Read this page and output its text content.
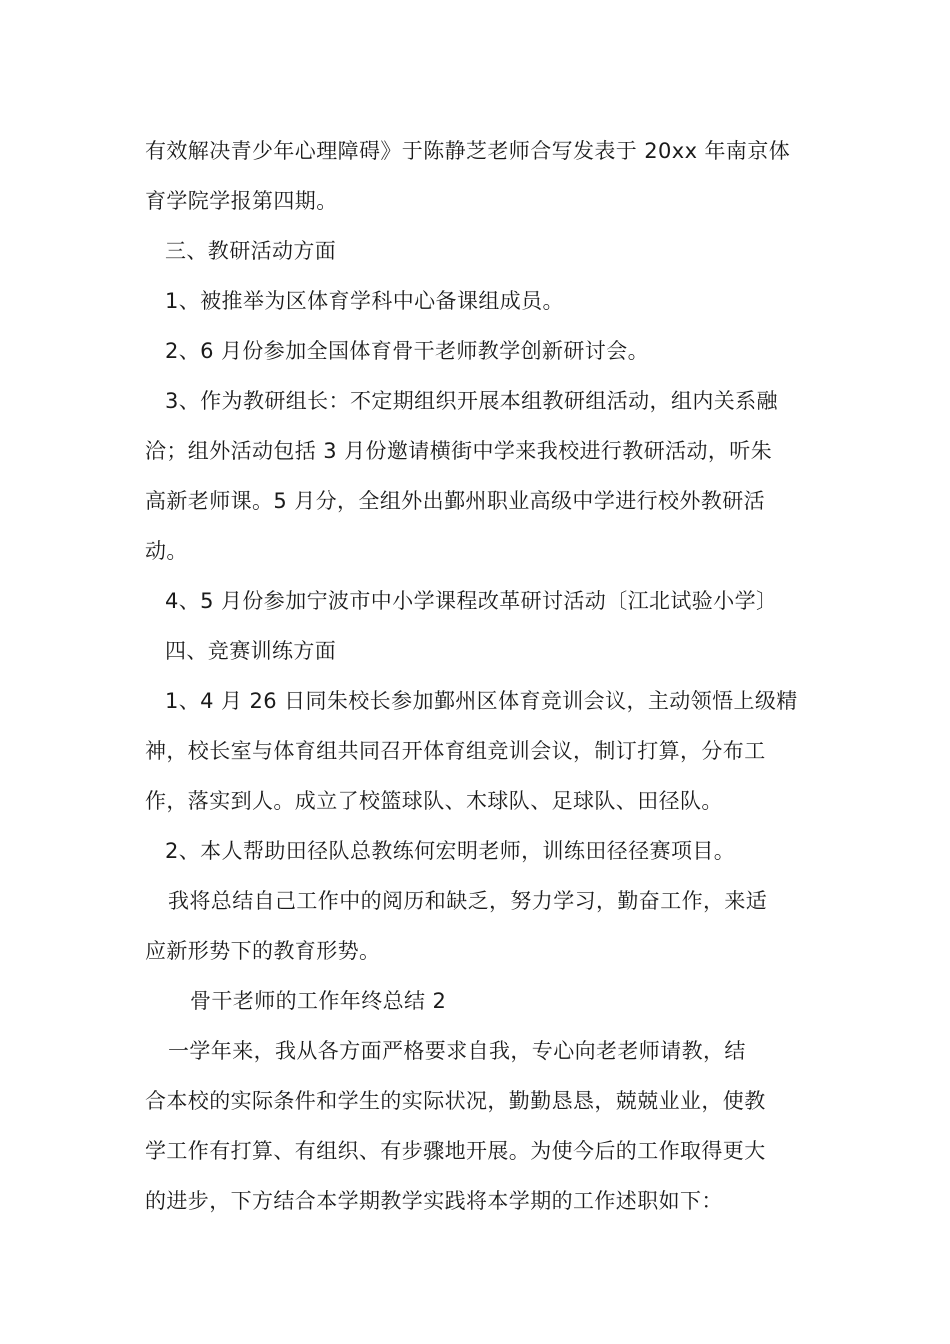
有效解决青少年心理障碍》于陈静芝老师合写发表于 20xx 年南京体
育学院学报第四期。
三、教研活动方面
1、被推举为区体育学科中心备课组成员。
2、6 月份参加全国体育骨干老师教学创新研讨会。
3、作为教研组长：不定期组织开展本组教研组活动，组内关系融
洽；组外活动包括 3 月份邀请横街中学来我校进行教研活动，听朱
高新老师课。5 月分，全组外出鄞州职业高级中学进行校外教研活
动。
4、5 月份参加宁波市中小学课程改革研讨活动〔江北试验小学〕
四、竞赛训练方面
1、4 月 26 日同朱校长参加鄞州区体育竞训会议，主动领悟上级精
神，校长室与体育组共同召开体育组竞训会议，制订打算，分布工
作，落实到人。成立了校篮球队、木球队、足球队、田径队。
2、本人帮助田径队总教练何宏明老师，训练田径径赛项目。
我将总结自己工作中的阅历和缺乏，努力学习，勤奋工作，来适
应新形势下的教育形势。
骨干老师的工作年终总结 2
一学年来，我从各方面严格要求自我，专心向老老师请教，结
合本校的实际条件和学生的实际状况，勤勤恳恳，兢兢业业，使教
学工作有打算、有组织、有步骤地开展。为使今后的工作取得更大
的进步，下方结合本学期教学实践将本学期的工作述职如下：
